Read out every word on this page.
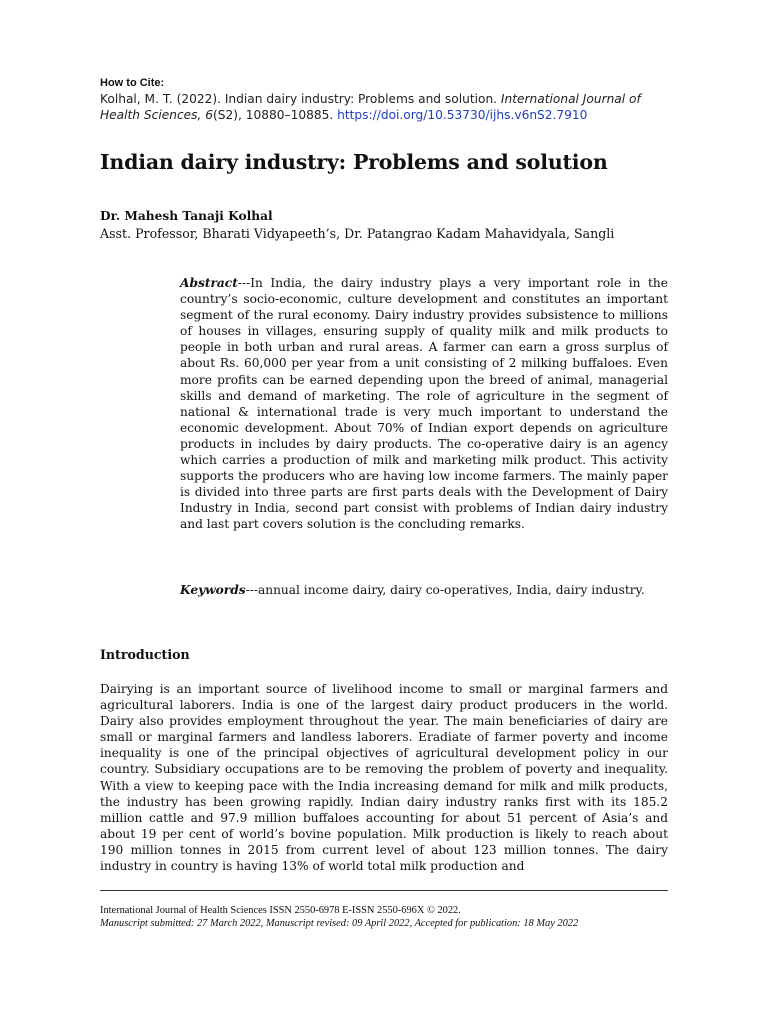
How to Cite:
Kolhal, M. T. (2022). Indian dairy industry: Problems and solution. International Journal of Health Sciences, 6(S2), 10880–10885. https://doi.org/10.53730/ijhs.v6nS2.7910
Indian dairy industry: Problems and solution
Dr. Mahesh Tanaji Kolhal
Asst. Professor, Bharati Vidyapeeth’s, Dr. Patangrao Kadam Mahavidyala, Sangli

Abstract---In India, the dairy industry plays a very important role in the country’s socio-economic, culture development and constitutes an important segment of the rural economy. Dairy industry provides subsistence to millions of houses in villages, ensuring supply of quality milk and milk products to people in both urban and rural areas. A farmer can earn a gross surplus of about Rs. 60,000 per year from a unit consisting of 2 milking buffaloes. Even more profits can be earned depending upon the breed of animal, managerial skills and demand of marketing. The role of agriculture in the segment of national & international trade is very much important to understand the economic development. About 70% of Indian export depends on agriculture products in includes by dairy products. The co-operative dairy is an agency which carries a production of milk and marketing milk product. This activity supports the producers who are having low income farmers. The mainly paper is divided into three parts are first parts deals with the Development of Dairy Industry in India, second part consist with problems of Indian dairy industry and last part covers solution is the concluding remarks.

Keywords---annual income dairy, dairy co-operatives, India, dairy industry.

Introduction

Dairying is an important source of livelihood income to small or marginal farmers and agricultural laborers. India is one of the largest dairy product producers in the world. Dairy also provides employment throughout the year. The main beneficiaries of dairy are small or marginal farmers and landless laborers. Eradiate of farmer poverty and income inequality is one of the principal objectives of agricultural development policy in our country. Subsidiary occupations are to be removing the problem of poverty and inequality. With a view to keeping pace with the India increasing demand for milk and milk products, the industry has been growing rapidly. Indian dairy industry ranks first with its 185.2 million cattle and 97.9 million buffaloes accounting for about 51 percent of Asia’s and about 19 per cent of world’s bovine population. Milk production is likely to reach about 190 million tonnes in 2015 from current level of about 123 million tonnes. The dairy industry in country is having 13% of world total milk production and

International Journal of Health Sciences ISSN 2550-6978 E-ISSN 2550-696X © 2022.
Manuscript submitted: 27 March 2022, Manuscript revised: 09 April 2022, Accepted for publication: 18 May 2022
